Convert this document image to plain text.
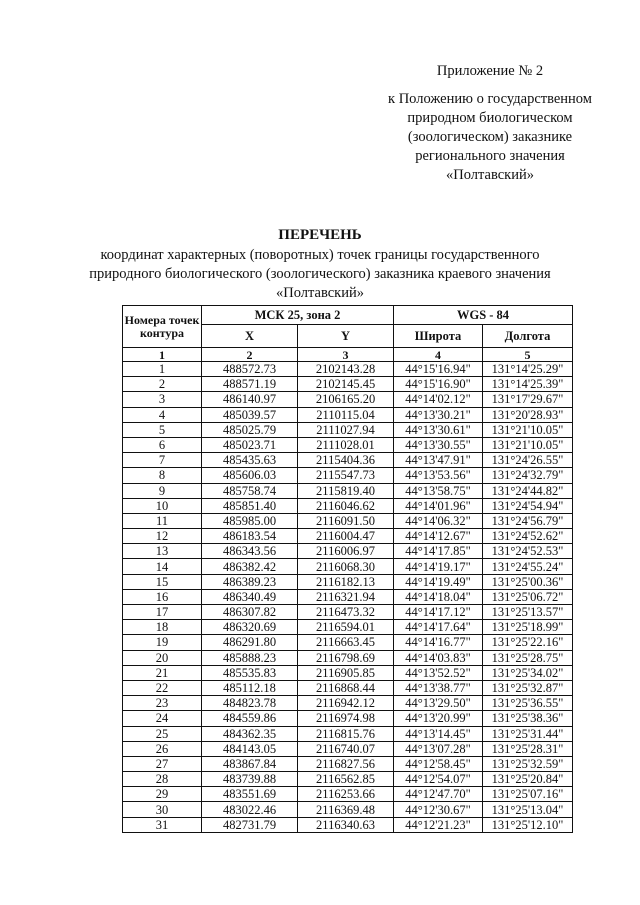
Приложение № 2
к Положению о государственном
природном биологическом
(зоологическом) заказнике
регионального значения
«Полтавский»
ПЕРЕЧЕНЬ
координат характерных (поворотных) точек границы государственного
природного биологического (зоологического) заказника краевого значения
«Полтавский»
Номера точек контура	МСК 25, зона 2		WGS - 84	
	X	Y	Широта	Долгота
1	2	3	4	5
1	488572.73	2102143.28	44°15'16.94"	131°14'25.29"
2	488571.19	2102145.45	44°15'16.90"	131°14'25.39"
3	486140.97	2106165.20	44°14'02.12"	131°17'29.67"
4	485039.57	2110115.04	44°13'30.21"	131°20'28.93"
5	485025.79	2111027.94	44°13'30.61"	131°21'10.05"
6	485023.71	2111028.01	44°13'30.55"	131°21'10.05"
7	485435.63	2115404.36	44°13'47.91"	131°24'26.55"
8	485606.03	2115547.73	44°13'53.56"	131°24'32.79"
9	485758.74	2115819.40	44°13'58.75"	131°24'44.82"
10	485851.40	2116046.62	44°14'01.96"	131°24'54.94"
11	485985.00	2116091.50	44°14'06.32"	131°24'56.79"
12	486183.54	2116004.47	44°14'12.67"	131°24'52.62"
13	486343.56	2116006.97	44°14'17.85"	131°24'52.53"
14	486382.42	2116068.30	44°14'19.17"	131°24'55.24"
15	486389.23	2116182.13	44°14'19.49"	131°25'00.36"
16	486340.49	2116321.94	44°14'18.04"	131°25'06.72"
17	486307.82	2116473.32	44°14'17.12"	131°25'13.57"
18	486320.69	2116594.01	44°14'17.64"	131°25'18.99"
19	486291.80	2116663.45	44°14'16.77"	131°25'22.16"
20	485888.23	2116798.69	44°14'03.83"	131°25'28.75"
21	485535.83	2116905.85	44°13'52.52"	131°25'34.02"
22	485112.18	2116868.44	44°13'38.77"	131°25'32.87"
23	484823.78	2116942.12	44°13'29.50"	131°25'36.55"
24	484559.86	2116974.98	44°13'20.99"	131°25'38.36"
25	484362.35	2116815.76	44°13'14.45"	131°25'31.44"
26	484143.05	2116740.07	44°13'07.28"	131°25'28.31"
27	483867.84	2116827.56	44°12'58.45"	131°25'32.59"
28	483739.88	2116562.85	44°12'54.07"	131°25'20.84"
29	483551.69	2116253.66	44°12'47.70"	131°25'07.16"
30	483022.46	2116369.48	44°12'30.67"	131°25'13.04"
31	482731.79	2116340.63	44°12'21.23"	131°25'12.10"
